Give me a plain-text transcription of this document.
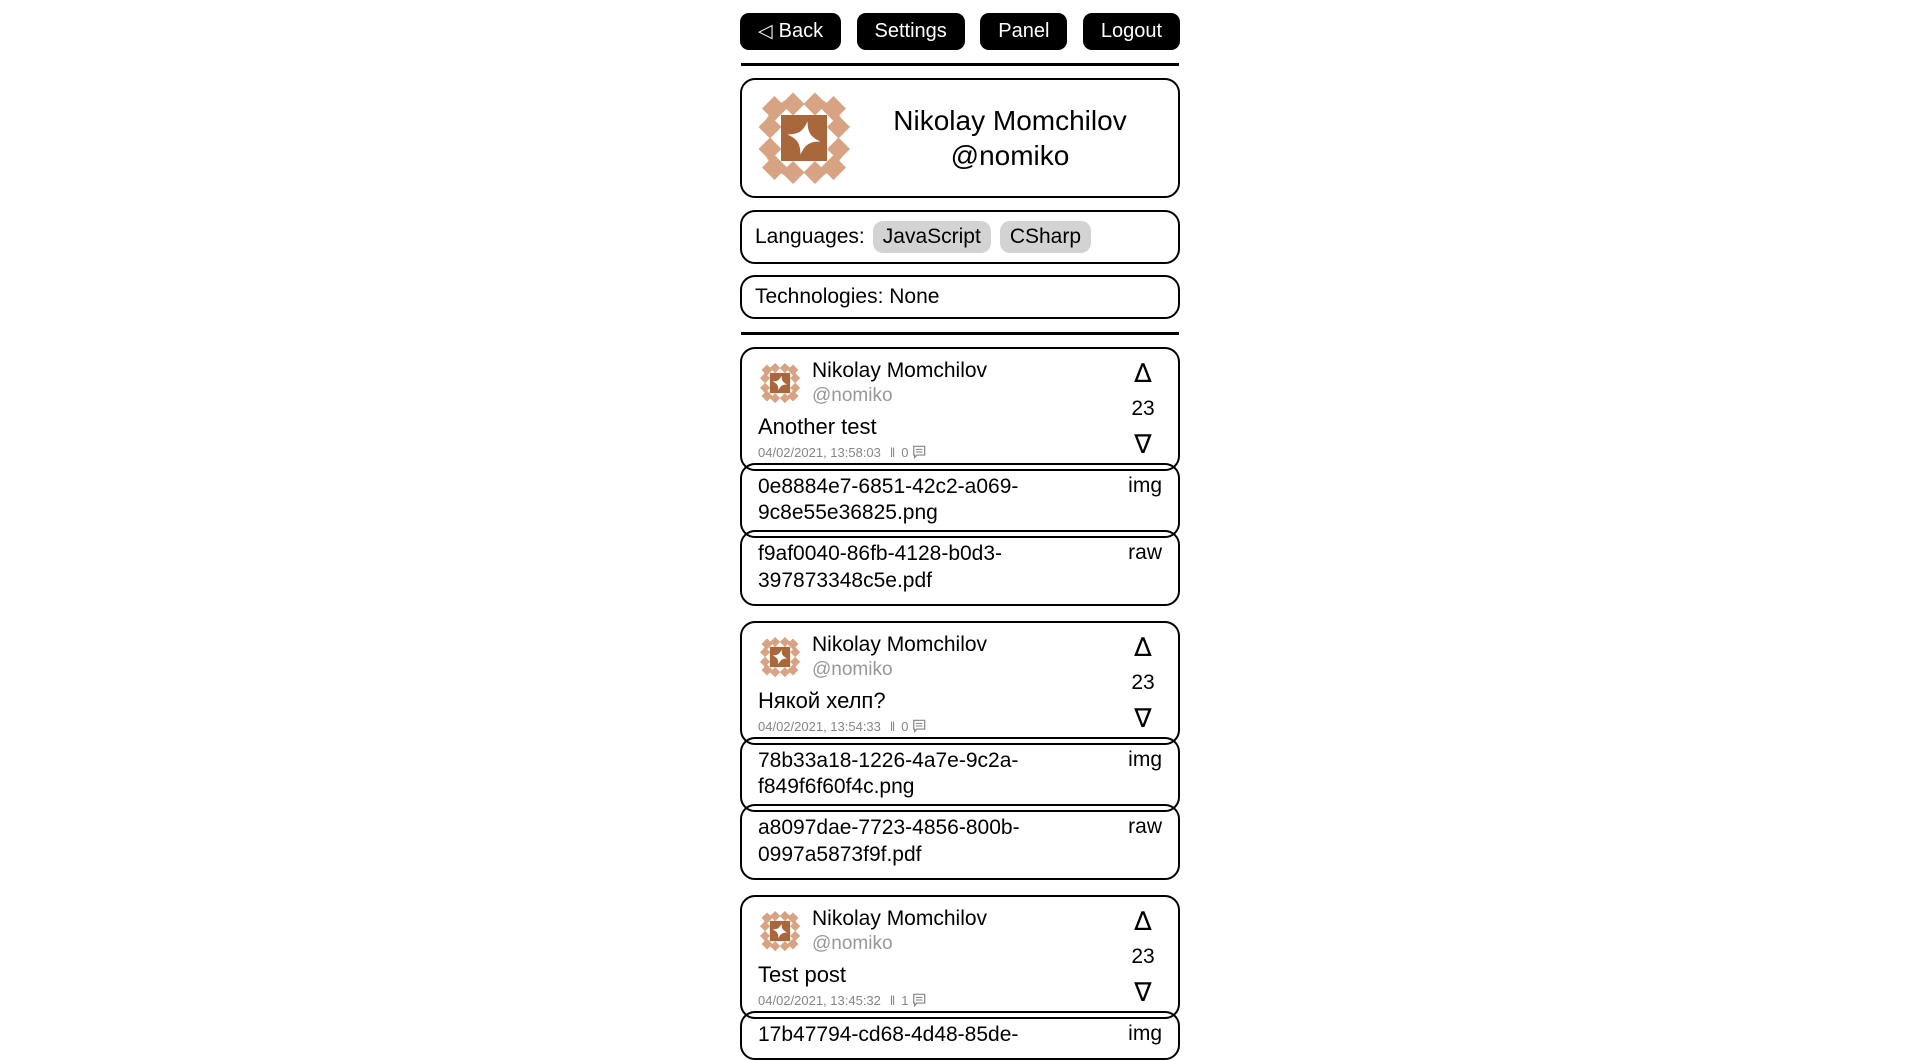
◁ Back	Settings	Panel	Logout
Nikolay Momchilov
@nomiko
Languages: JavaScript	CSharp
Technologies: None
Nikolay Momchilov
@nomiko
Another test
04/02/2021, 13:58:03 ‖ 0
∆
23
∇
0e8884e7-6851-42c2-a069-9c8e55e36825.png
img
f9af0040-86fb-4128-b0d3-397873348c5e.pdf
raw
Nikolay Momchilov
@nomiko
Някой хелп?
04/02/2021, 13:54:33 ‖ 0
∆
23
∇
78b33a18-1226-4a7e-9c2a-f849f6f60f4c.png
img
a8097dae-7723-4856-800b-0997a5873f9f.pdf
raw
Nikolay Momchilov
@nomiko
Test post
04/02/2021, 13:45:32 ‖ 1
∆
23
∇
17b47794-cd68-4d48-85de-	img
